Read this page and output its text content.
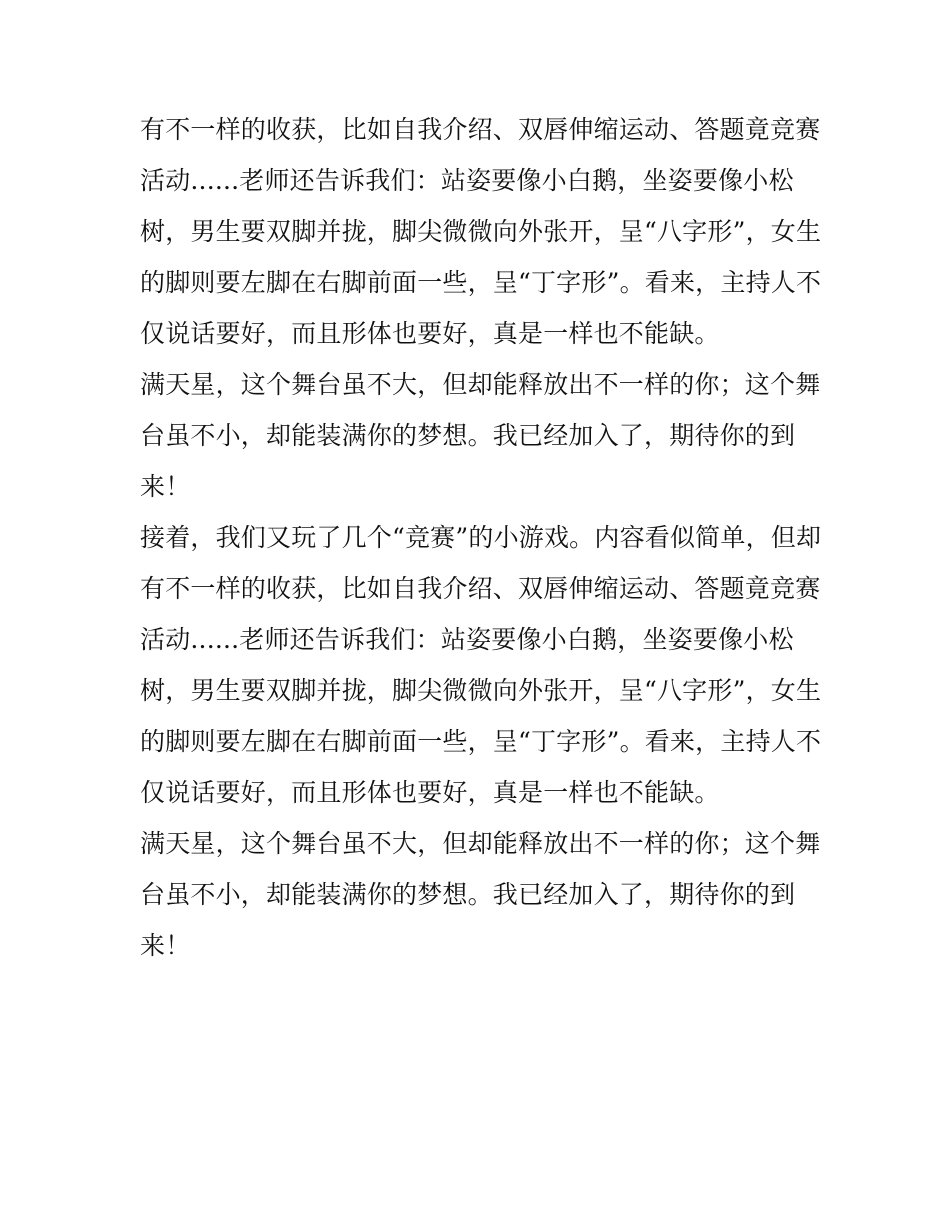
有不一样的收获，比如自我介绍、双唇伸缩运动、答题竟竞赛
活动......老师还告诉我们：站姿要像小白鹅，坐姿要像小松
树，男生要双脚并拢，脚尖微微向外张开，呈“八字形”，女生
的脚则要左脚在右脚前面一些，呈“丁字形”。看来，主持人不
仅说话要好，而且形体也要好，真是一样也不能缺。
满天星，这个舞台虽不大，但却能释放出不一样的你；这个舞
台虽不小，却能装满你的梦想。我已经加入了，期待你的到
来！
接着，我们又玩了几个“竞赛”的小游戏。内容看似简单，但却
有不一样的收获，比如自我介绍、双唇伸缩运动、答题竟竞赛
活动......老师还告诉我们：站姿要像小白鹅，坐姿要像小松
树，男生要双脚并拢，脚尖微微向外张开，呈“八字形”，女生
的脚则要左脚在右脚前面一些，呈“丁字形”。看来，主持人不
仅说话要好，而且形体也要好，真是一样也不能缺。
满天星，这个舞台虽不大，但却能释放出不一样的你；这个舞
台虽不小，却能装满你的梦想。我已经加入了，期待你的到
来！
